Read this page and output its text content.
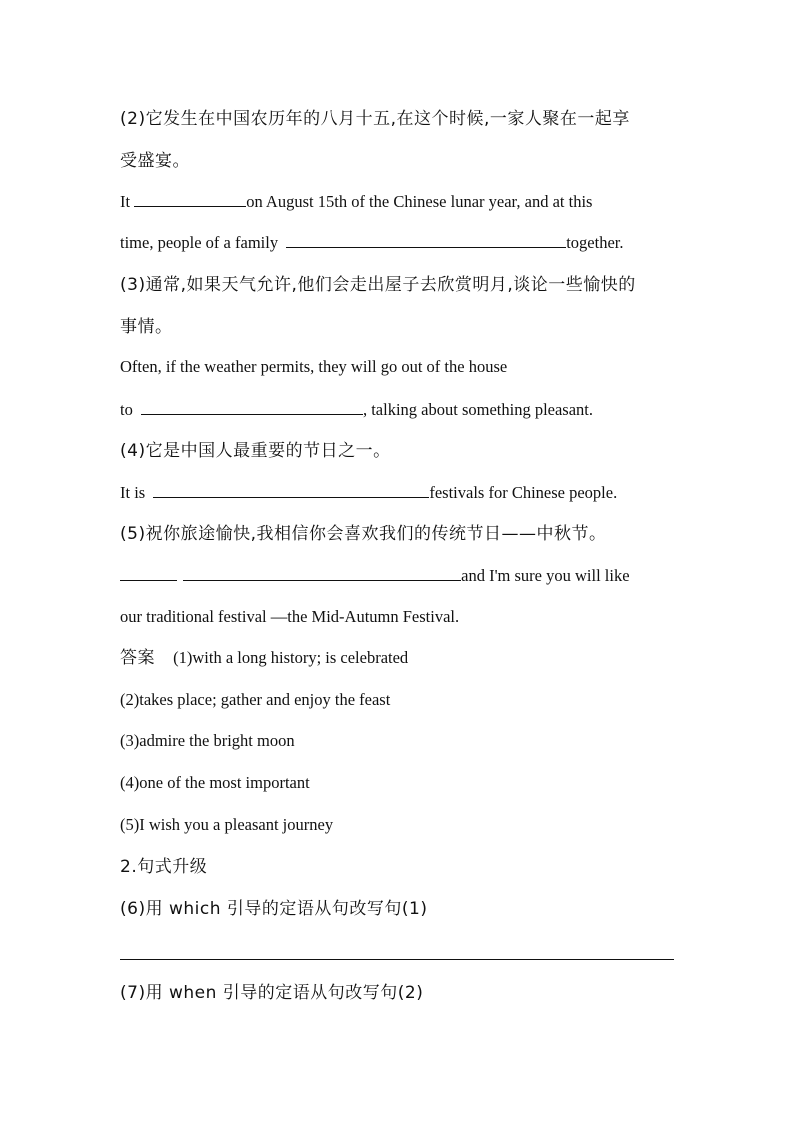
(2)它发生在中国农历年的八月十五,在这个时候,一家人聚在一起享
受盛宴。
It	on August 15th of the Chinese lunar year, and at this
time, people of a family	together.
(3)通常,如果天气允许,他们会走出屋子去欣赏明月,谈论一些愉快的
事情。
Often, if the weather permits, they will go out of the house
to	, talking about something pleasant.
(4)它是中国人最重要的节日之一。
It is	festivals for Chinese people.
(5)祝你旅途愉快,我相信你会喜欢我们的传统节日——中秋节。
and I'm sure you will like
our traditional festival —the Mid-Autumn Festival.
答案 (1)with a long history; is celebrated
(2)takes place; gather and enjoy the feast
(3)admire the bright moon
(4)one of the most important
(5)I wish you a pleasant journey
2.句式升级
(6)用 which 引导的定语从句改写句(1)
(7)用 when 引导的定语从句改写句(2)
